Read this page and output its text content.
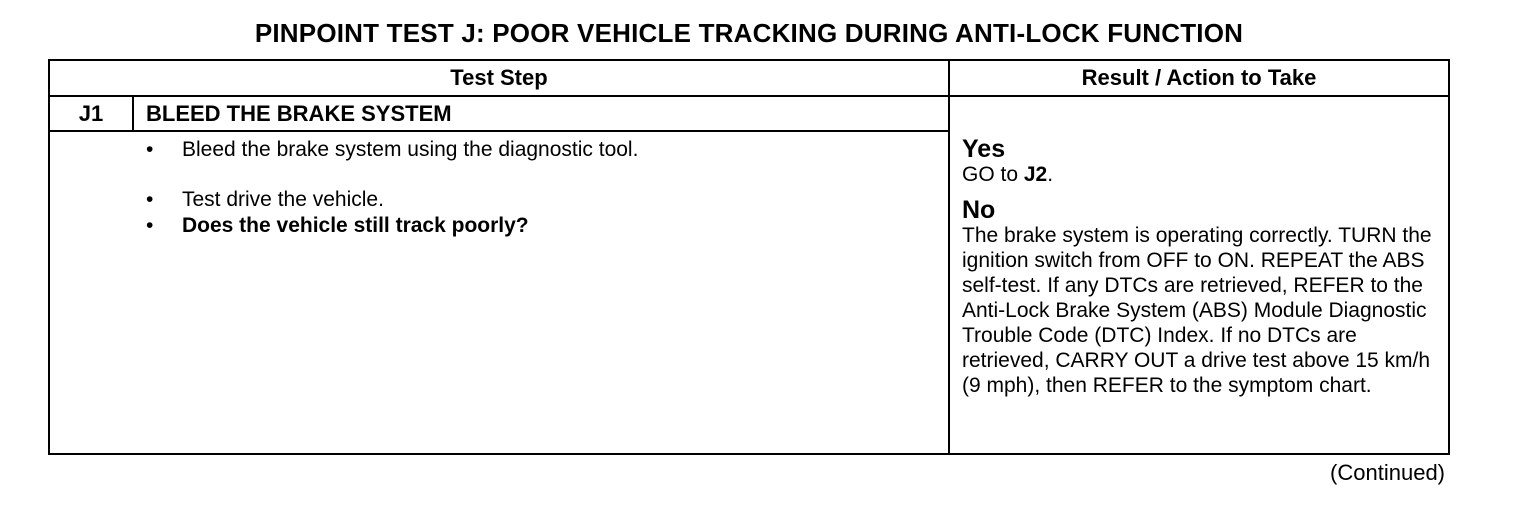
PINPOINT TEST J: POOR VEHICLE TRACKING DURING ANTI-LOCK FUNCTION
Test Step	Result / Action to Take
J1	BLEED THE BRAKE SYSTEM
• Bleed the brake system using the diagnostic tool.
• Test drive the vehicle.
• Does the vehicle still track poorly?
Yes
GO to J2.
No
The brake system is operating correctly. TURN the ignition switch from OFF to ON. REPEAT the ABS self-test. If any DTCs are retrieved, REFER to the Anti-Lock Brake System (ABS) Module Diagnostic Trouble Code (DTC) Index. If no DTCs are retrieved, CARRY OUT a drive test above 15 km/h (9 mph), then REFER to the symptom chart.
(Continued)
